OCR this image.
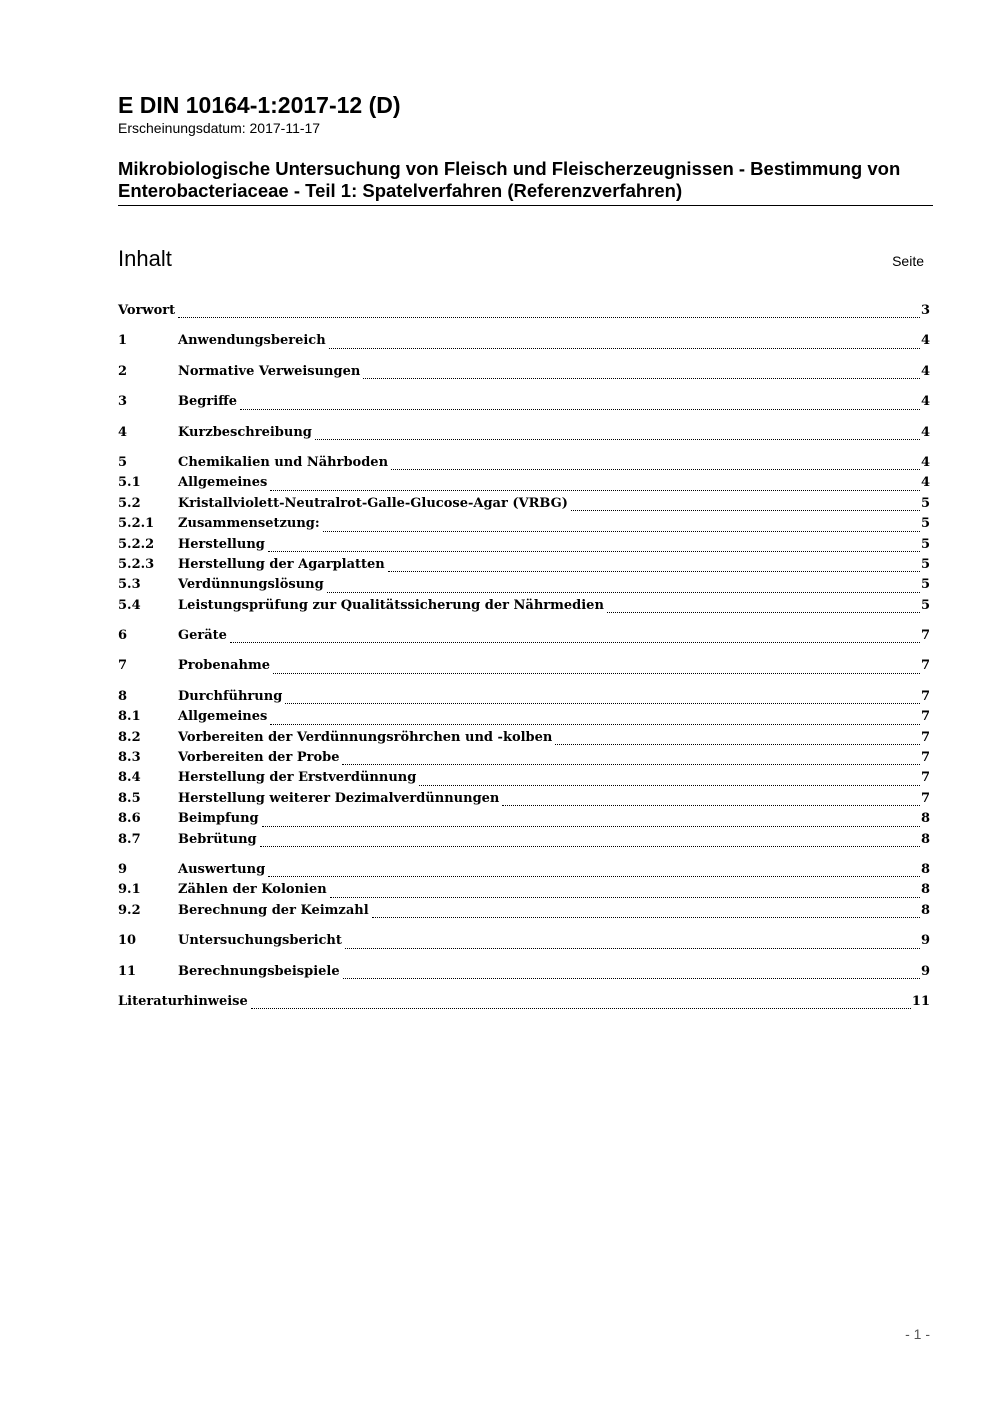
E DIN 10164-1:2017-12 (D)

Erscheinungsdatum: 2017-11-17

Mikrobiologische Untersuchung von Fleisch und Fleischerzeugnissen - Bestimmung von Enterobacteriaceae - Teil 1: Spatelverfahren (Referenzverfahren)
Inhalt	Seite
Vorwort	3
1	Anwendungsbereich	4
2	Normative Verweisungen	4
3	Begriffe	4
4	Kurzbeschreibung	4
5	Chemikalien und Nährboden	4
5.1	Allgemeines	4
5.2	Kristallviolett-Neutralrot-Galle-Glucose-Agar (VRBG)	5
5.2.1	Zusammensetzung:	5
5.2.2	Herstellung	5
5.2.3	Herstellung der Agarplatten	5
5.3	Verdünnungslösung	5
5.4	Leistungsprüfung zur Qualitätssicherung der Nährmedien	5
6	Geräte	7
7	Probenahme	7
8	Durchführung	7
8.1	Allgemeines	7
8.2	Vorbereiten der Verdünnungsröhrchen und -kolben	7
8.3	Vorbereiten der Probe	7
8.4	Herstellung der Erstverdünnung	7
8.5	Herstellung weiterer Dezimalverdünnungen	7
8.6	Beimpfung	8
8.7	Bebrütung	8
9	Auswertung	8
9.1	Zählen der Kolonien	8
9.2	Berechnung der Keimzahl	8
10	Untersuchungsbericht	9
11	Berechnungsbeispiele	9
Literaturhinweise	11
- 1 -
